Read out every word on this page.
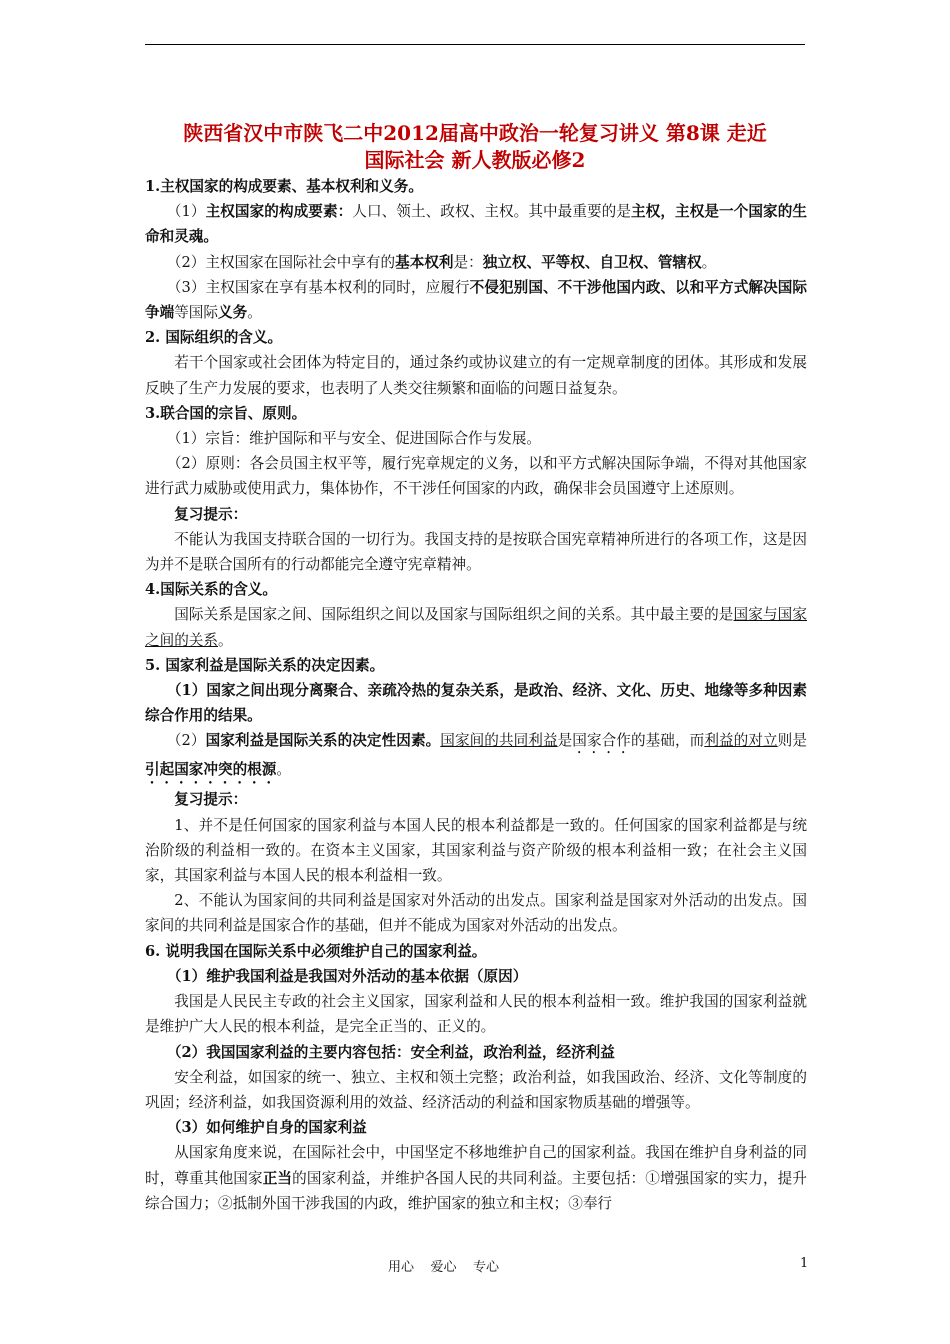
陕西省汉中市陕飞二中2012届高中政治一轮复习讲义 第8课 走近
国际社会 新人教版必修2

1.主权国家的构成要素、基本权利和义务。

（1）主权国家的构成要素：人口、领土、政权、主权。其中最重要的是主权，主权是一个国家的生命和灵魂。

（2）主权国家在国际社会中享有的基本权利是：独立权、平等权、自卫权、管辖权。

（3）主权国家在享有基本权利的同时，应履行不侵犯别国、不干涉他国内政、以和平方式解决国际争端等国际义务。

2. 国际组织的含义。

若干个国家或社会团体为特定目的，通过条约或协议建立的有一定规章制度的团体。其形成和发展反映了生产力发展的要求，也表明了人类交往频繁和面临的问题日益复杂。

3.联合国的宗旨、原则。

（1）宗旨：维护国际和平与安全、促进国际合作与发展。

（2）原则：各会员国主权平等，履行宪章规定的义务，以和平方式解决国际争端，不得对其他国家进行武力威胁或使用武力，集体协作，不干涉任何国家的内政，确保非会员国遵守上述原则。

复习提示：

不能认为我国支持联合国的一切行为。我国支持的是按联合国宪章精神所进行的各项工作，这是因为并不是联合国所有的行动都能完全遵守宪章精神。

4.国际关系的含义。

国际关系是国家之间、国际组织之间以及国家与国际组织之间的关系。其中最主要的是国家与国家之间的关系。

5. 国家利益是国际关系的决定因素。

（1）国家之间出现分离聚合、亲疏冷热的复杂关系，是政治、经济、文化、历史、地缘等多种因素综合作用的结果。

（2）国家利益是国际关系的决定性因素。国家间的共同利益是国家合作的基础，而利益的对立则是引起国家冲突的根源。

复习提示：

1、并不是任何国家的国家利益与本国人民的根本利益都是一致的。任何国家的国家利益都是与统治阶级的利益相一致的。在资本主义国家，其国家利益与资产阶级的根本利益相一致；在社会主义国家，其国家利益与本国人民的根本利益相一致。

2、不能认为国家间的共同利益是国家对外活动的出发点。国家利益是国家对外活动的出发点。国家间的共同利益是国家合作的基础，但并不能成为国家对外活动的出发点。

6. 说明我国在国际关系中必须维护自己的国家利益。

（1）维护我国利益是我国对外活动的基本依据（原因）

我国是人民民主专政的社会主义国家，国家利益和人民的根本利益相一致。维护我国的国家利益就是维护广大人民的根本利益，是完全正当的、正义的。

（2）我国国家利益的主要内容包括：安全利益，政治利益，经济利益

安全利益，如国家的统一、独立、主权和领土完整；政治利益，如我国政治、经济、文化等制度的巩固；经济利益，如我国资源利用的效益、经济活动的利益和国家物质基础的增强等。

（3）如何维护自身的国家利益

从国家角度来说，在国际社会中，中国坚定不移地维护自己的国家利益。我国在维护自身利益的同时，尊重其他国家正当的国家利益，并维护各国人民的共同利益。主要包括：①增强国家的实力，提升综合国力；②抵制外国干涉我国的内政，维护国家的独立和主权；③奉行

用心    爱心    专心	1
